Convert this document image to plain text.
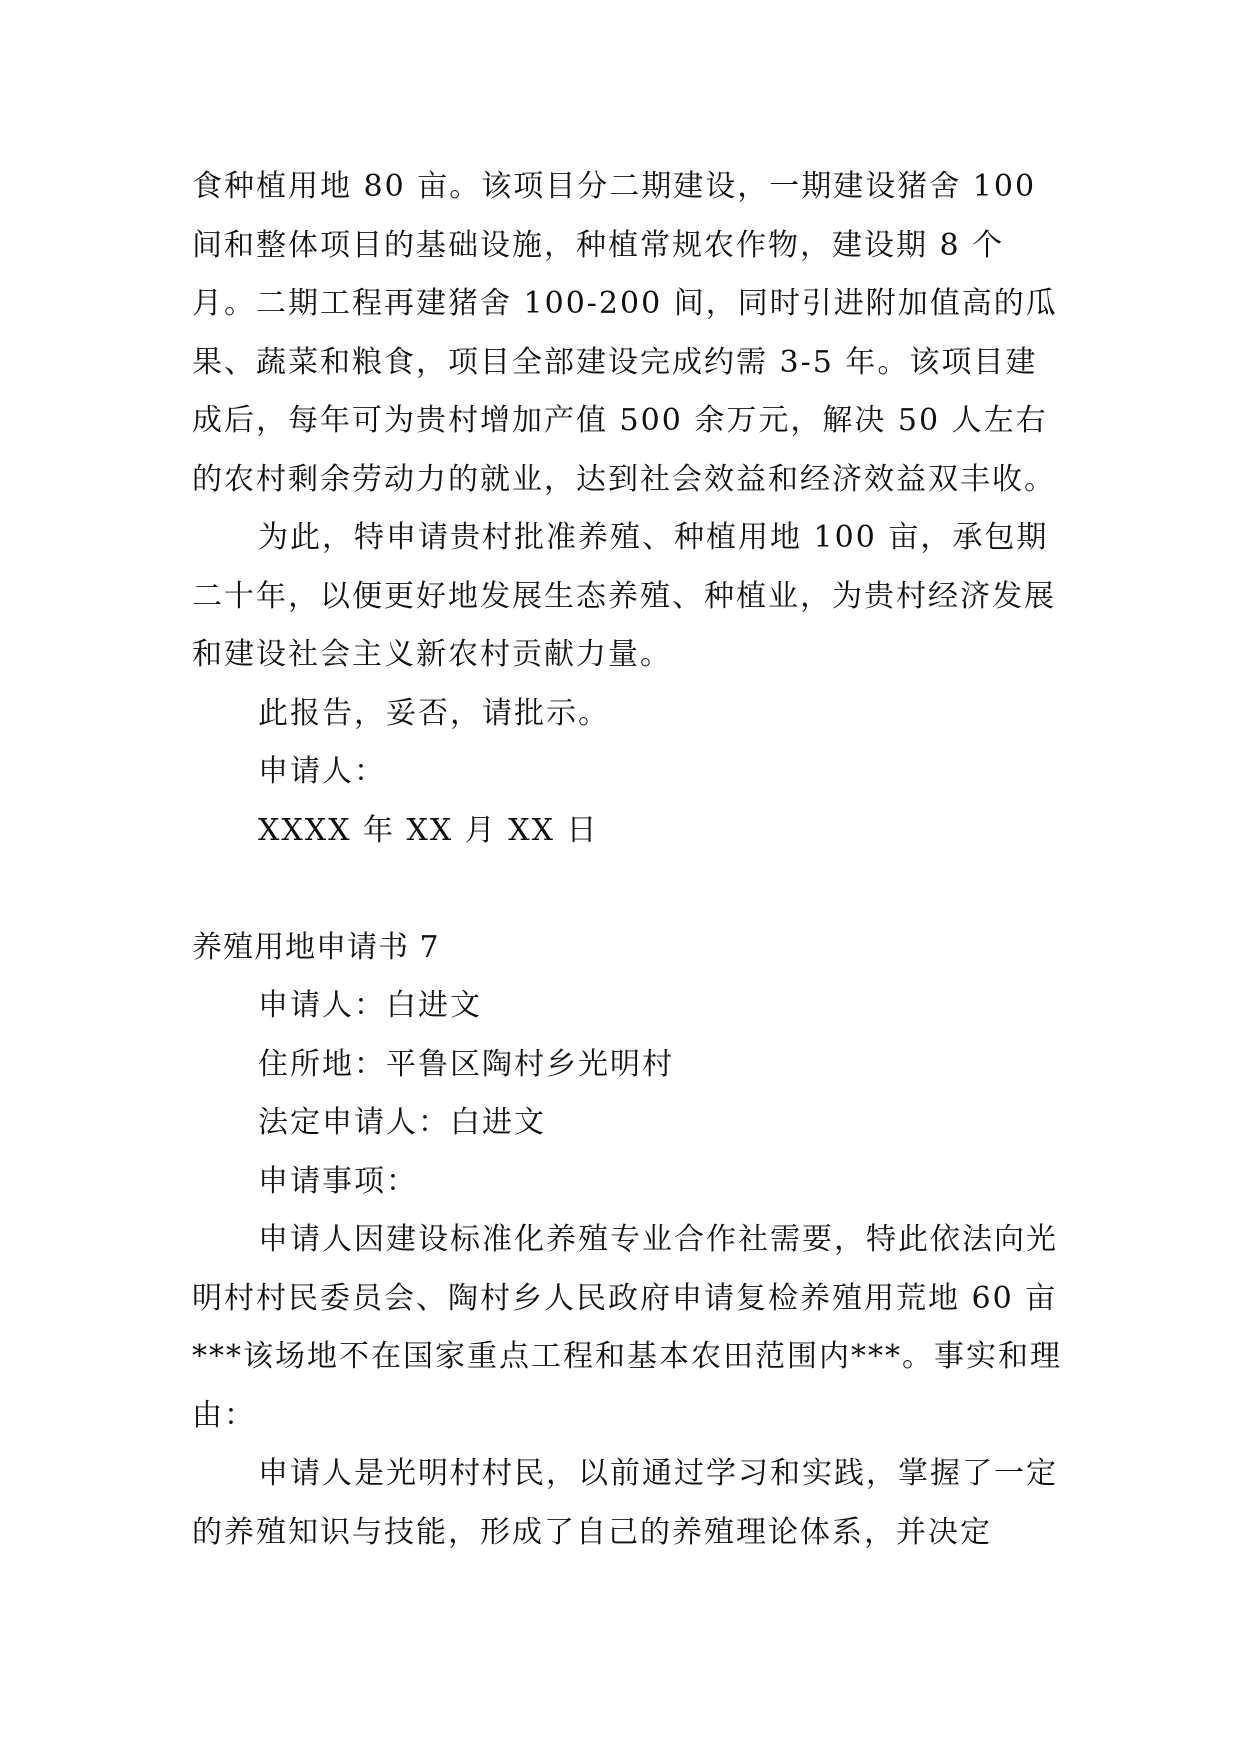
食种植用地 80 亩。该项目分二期建设，一期建设猪舍 100 间和整体项目的基础设施，种植常规农作物，建设期 8 个月。二期工程再建猪舍 100-200 间，同时引进附加值高的瓜果、蔬菜和粮食，项目全部建设完成约需 3-5 年。该项目建成后，每年可为贵村增加产值 500 余万元，解决 50 人左右的农村剩余劳动力的就业，达到社会效益和经济效益双丰收。

为此，特申请贵村批准养殖、种植用地 100 亩，承包期二十年，以便更好地发展生态养殖、种植业，为贵村经济发展和建设社会主义新农村贡献力量。

此报告，妥否，请批示。

申请人：

XXXX 年 XX 月 XX 日

养殖用地申请书 7

申请人：白进文

住所地：平鲁区陶村乡光明村

法定申请人：白进文

申请事项：

申请人因建设标准化养殖专业合作社需要，特此依法向光明村村民委员会、陶村乡人民政府申请复检养殖用荒地 60 亩***该场地不在国家重点工程和基本农田范围内***。事实和理由：

申请人是光明村村民，以前通过学习和实践，掌握了一定的养殖知识与技能，形成了自己的养殖理论体系，并决定
